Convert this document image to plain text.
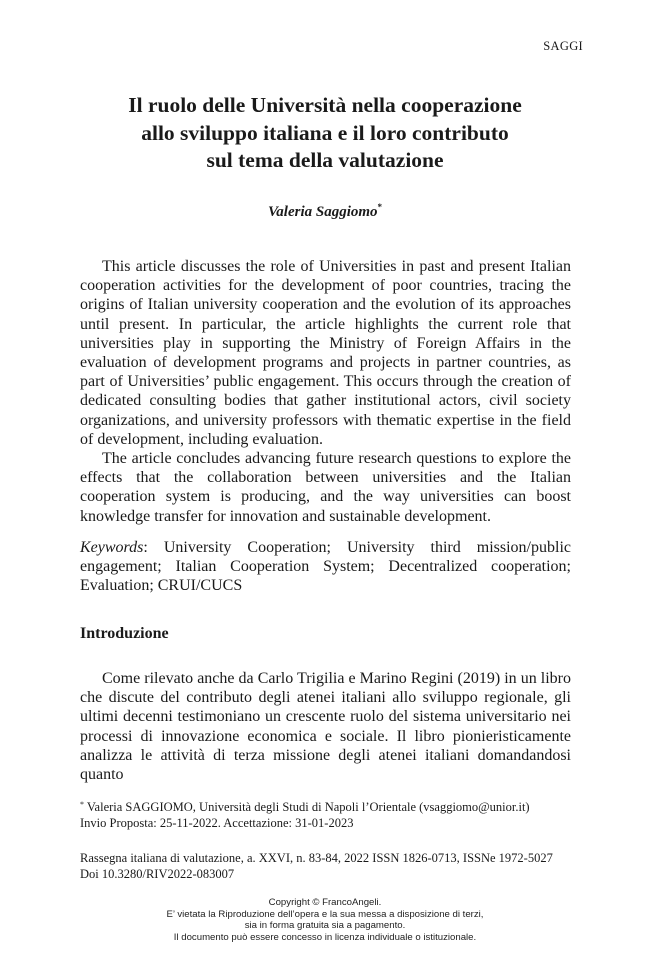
SAGGI
Il ruolo delle Università nella cooperazione
allo sviluppo italiana e il loro contributo
sul tema della valutazione
Valeria Saggiomo*

This article discusses the role of Universities in past and present Italian cooperation activities for the development of poor countries, tracing the origins of Italian university cooperation and the evolution of its approaches until present. In particular, the article highlights the current role that universities play in supporting the Ministry of Foreign Affairs in the evaluation of development programs and projects in partner countries, as part of Universities’ public engagement. This occurs through the creation of dedicated consulting bodies that gather institutional actors, civil society organizations, and university professors with thematic expertise in the field of development, including evaluation.

The article concludes advancing future research questions to explore the effects that the collaboration between universities and the Italian cooperation system is producing, and the way universities can boost knowledge transfer for innovation and sustainable development.

Keywords: University Cooperation; University third mission/public engagement; Italian Cooperation System; Decentralized cooperation; Evaluation; CRUI/CUCS

Introduzione

Come rilevato anche da Carlo Trigilia e Marino Regini (2019) in un libro che discute del contributo degli atenei italiani allo sviluppo regionale, gli ultimi decenni testimoniano un crescente ruolo del sistema universitario nei processi di innovazione economica e sociale. Il libro pionieristicamente analizza le attività di terza missione degli atenei italiani domandandosi quanto

* Valeria SAGGIOMO, Università degli Studi di Napoli l’Orientale (vsaggiomo@unior.it)
Invio Proposta: 25-11-2022. Accettazione: 31-01-2023
Rassegna italiana di valutazione, a. XXVI, n. 83-84, 2022 ISSN 1826-0713, ISSNe 1972-5027
Doi 10.3280/RIV2022-083007
Copyright © FrancoAngeli.
E’ vietata la Riproduzione dell’opera e la sua messa a disposizione di terzi,
sia in forma gratuita sia a pagamento.
Il documento può essere concesso in licenza individuale o istituzionale.
